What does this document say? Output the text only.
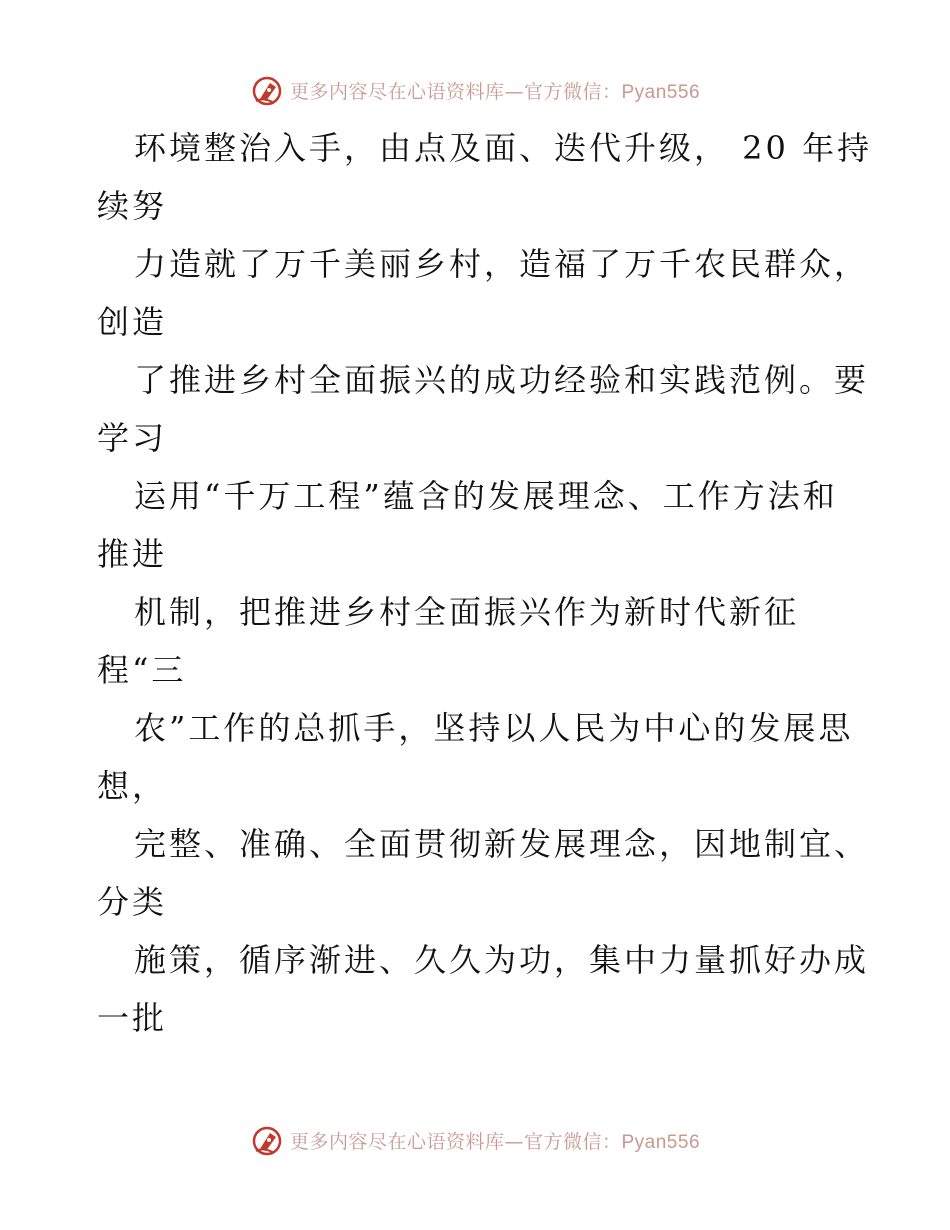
更多内容尽在心语资料库—官方微信：Pyan556
环境整治入手，由点及面、迭代升级， 20 年持
续努
力造就了万千美丽乡村，造福了万千农民群众，
创造
了推进乡村全面振兴的成功经验和实践范例。要
学习
运用“千万工程”蕴含的发展理念、工作方法和
推进
机制，把推进乡村全面振兴作为新时代新征
程“三
农”工作的总抓手，坚持以人民为中心的发展思
想，
完整、准确、全面贯彻新发展理念，因地制宜、
分类
施策，循序渐进、久久为功，集中力量抓好办成
一批
更多内容尽在心语资料库—官方微信：Pyan556
